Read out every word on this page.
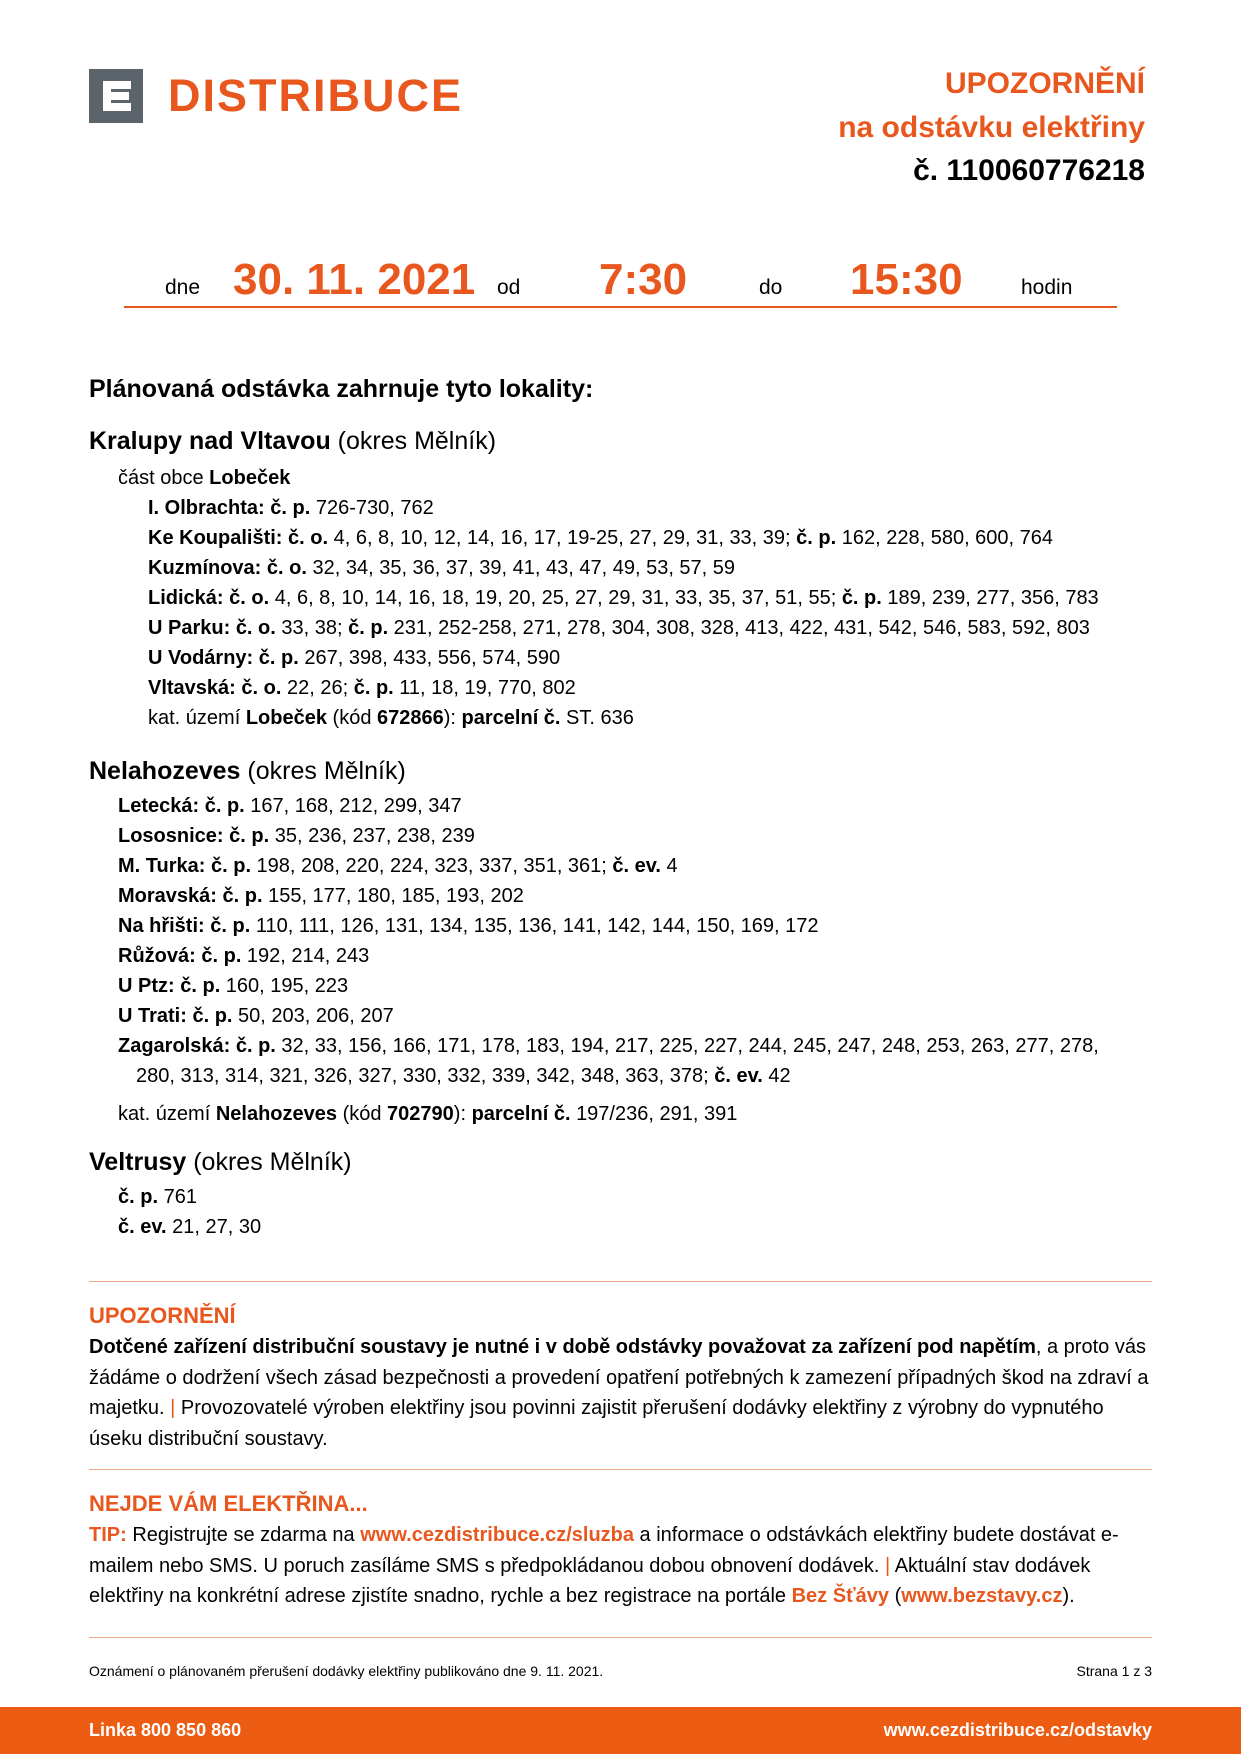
DISTRIBUCE	UPOZORNĚNÍ
na odstávku elektřiny
č. 110060776218
dne 30. 11. 2021 od 7:30	do 15:30	hodin
Plánovaná odstávka zahrnuje tyto lokality:
Kralupy nad Vltavou (okres Mělník)
část obce Lobeček
I. Olbrachta: č. p. 726-730, 762
Ke Koupališti: č. o. 4, 6, 8, 10, 12, 14, 16, 17, 19-25, 27, 29, 31, 33, 39; č. p. 162, 228, 580, 600, 764
Kuzmínova: č. o. 32, 34, 35, 36, 37, 39, 41, 43, 47, 49, 53, 57, 59
Lidická: č. o. 4, 6, 8, 10, 14, 16, 18, 19, 20, 25, 27, 29, 31, 33, 35, 37, 51, 55; č. p. 189, 239, 277, 356, 783
U Parku: č. o. 33, 38; č. p. 231, 252-258, 271, 278, 304, 308, 328, 413, 422, 431, 542, 546, 583, 592, 803
U Vodárny: č. p. 267, 398, 433, 556, 574, 590
Vltavská: č. o. 22, 26; č. p. 11, 18, 19, 770, 802
kat. území Lobeček (kód 672866): parcelní č. ST. 636
Nelahozeves (okres Mělník)
Letecká: č. p. 167, 168, 212, 299, 347
Lososnice: č. p. 35, 236, 237, 238, 239
M. Turka: č. p. 198, 208, 220, 224, 323, 337, 351, 361; č. ev. 4
Moravská: č. p. 155, 177, 180, 185, 193, 202
Na hřišti: č. p. 110, 111, 126, 131, 134, 135, 136, 141, 142, 144, 150, 169, 172
Růžová: č. p. 192, 214, 243
U Ptz: č. p. 160, 195, 223
U Trati: č. p. 50, 203, 206, 207
Zagarolská: č. p. 32, 33, 156, 166, 171, 178, 183, 194, 217, 225, 227, 244, 245, 247, 248, 253, 263, 277, 278,
280, 313, 314, 321, 326, 327, 330, 332, 339, 342, 348, 363, 378; č. ev. 42
kat. území Nelahozeves (kód 702790): parcelní č. 197/236, 291, 391
Veltrusy (okres Mělník)
č. p. 761
č. ev. 21, 27, 30
UPOZORNĚNÍ
Dotčené zařízení distribuční soustavy je nutné i v době odstávky považovat za zařízení pod napětím, a proto vás žádáme o dodržení všech zásad bezpečnosti a provedení opatření potřebných k zamezení případných škod na zdraví a majetku. | Provozovatelé výroben elektřiny jsou povinni zajistit přerušení dodávky elektřiny z výrobny do vypnutého úseku distribuční soustavy.
NEJDE VÁM ELEKTŘINA...
TIP: Registrujte se zdarma na www.cezdistribuce.cz/sluzba a informace o odstávkách elektřiny budete dostávat e-mailem nebo SMS. U poruch zasíláme SMS s předpokládanou dobou obnovení dodávek. | Aktuální stav dodávek elektřiny na konkrétní adrese zjistíte snadno, rychle a bez registrace na portále Bez Šťávy (www.bezstavy.cz).
Oznámení o plánovaném přerušení dodávky elektřiny publikováno dne 9. 11. 2021.	Strana 1 z 3
Linka 800 850 860	www.cezdistribuce.cz/odstavky
